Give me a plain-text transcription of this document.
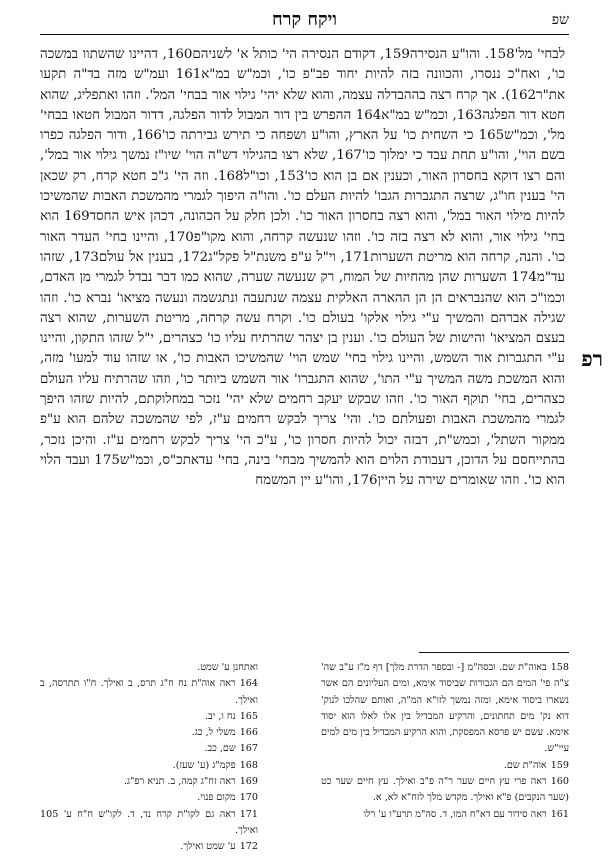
ויקח קרח	שפ

לבחי' מל'158. והו"ע הנסירה159, דקודם הנסירה הי' כותל א' לשניהם160, דהיינו שהשתוו במשכה כו', ואח"כ ננסרו, והכוונה בזה להיות יחוד פב"פ כו', וכמ"ש במ"א161 ועמ"ש מזה בד"ה תקעו את"ר162). אך קרח רצה בההבדלה עצמה, והוא שלא יהי' גילוי אור בבחי' המל'. וזהו ואתפליג, שהוא חטא דור הפלגה163, וכמ"ש במ"א164 ההפרש בין דור המבול לדור הפלגה, דדור המבול חטאו בבחי' מל', וכמ"ש165 כי השחית כו' על הארץ, והו"ע ושפחה כי תירש גבירתה כו'166, ודור הפלגה כפרו בשם הוי', והו"ע תחת עבד כי ימלוך כו'167, שלא רצו בהגילוי דש"ה הוי' שיו"ז נמשך גילוי אור במל', והם רצו דוקא בחסרון האור, וכענין אם בן הוא כו'153, וכו"ל168. וזה הי' ג"כ חטא קרח, רק שכאן הי' בענין חו"ג, שרצה התגברות הגבו' להיות העלם כו'. והו"ה היפוך לגמרי מהמשכת האבות שהמשיכו להיות מילוי האור במל', והוא רצה בחסרון האור כו'. ולכן חלק על הכהונה, דכהן איש החסד169 הוא בחי' גילוי אור, והוא לא רצה בזה כו'. וזהו שנעשה קרחה, והוא מקו"פ170, והיינו בחי' העדר האור כו'. והנה, קרחה הוא מריטת השערות171, וי"ל ע"פ משנת"ל פקל"ג172, בענין אל עולם173, שזהו עד"מ174 השערות שהן מהחיות של המוח, רק שנעשה שערה, שהוא כמו דבר נבדל לגמרי מן האדם, וכמו"כ הוא שהנבראים הן הן ההארה האלקית עצמה שנתעבה ונתגשמה ונעשה מציאו' נברא כו'. וזהו שגילה אברהם והמשיך ע"י גילוי אלקו' בעולם כו'. וקרח עשה קרחה, מריטת השערות, שהוא רצה בעצם המציאו' והישות של העולם כו'. וענין בן יצהר שהרתיח עליו כו' כצהרים, י"ל שזהו התקון, והיינו ע"י התגברות אור השמש, והיינו גילוי בחי' שמש הוי' שהמשיכו האבות כו', או שזהו עוד למעו' מזה, והוא המשכת משה המשיך ע"י התו', שהוא התגברו' אור השמש ביותר כו', וזהו שהרתיח עליו העולם כצהרים, בחי' תוקף האור כו'. וזהו שבקש יעקב רחמים שלא יהי' נזכר במחלוקתם, להיות שזהו היפך לגמרי מהמשכת האבות ופעולתם כו'. והי' צריך לבקש רחמים ע"ז, לפי שהמשכה שלהם הוא ע"פ ממקור השתל', וכמש"ת, דבזה יכול להיות חסרון כו', ע"כ הי' צריך לבקש רחמים ע"ז. והיכן נזכר, בהתייחסם על הדוכן, דעבודת הלוים הוא להמשיך מבחי' בינה, בחי' עדאתכ"ס, וכמ"ש175 ועבד הלוי הוא כו'. וזהו שאומרים שירה על היין176, והו"ע יין המשמח

רפ

158באוה"ת שם. ובסה"מ [- ובספר הדרת מלך] דף מ"ז ע"ב שה' צ"ה פי' המים הם הגבורות שביסוד אימא, ומים העליונים הם אשר נשארו ביסוד אימא, ומזה נמשך לזו"א המ"ה, ואותם שהלכו לנוק' דוא נק' מים תחתונים, והרקיע המבדיל בין אלו לאלו הוא יסוד אימא. עשם יש פרסא המפסקת, והוא הרקיע המבדיל בין מים למים עיי"ש.

159אוה"ת שם.

160ראה פרי עץ חיים שער ר"ה פ"ב ואילך. עץ חיים שער כט (שער הנקבים) פ"א ואילך. מקדש מלך לזח"א לא, א.

161ראה סידור עם דא"ח המו, ד. סה"מ תרע"ו ע' רלו

ואתחנן ע' שמט.

164ראה אוה"ת נח ח"ג תרס, ב ואילך. ח"ו תתרסה, ב ואילך.

165נח ו, יב.

166משלי ל, כג.

167שם, כב.

168פקמ"ג (ע' שעז).

169ראה זח"ג קמה, ב. תניא רפ"ג.

170מקום פנוי.

171ראה גם לקו"ת קרח נד, ד. לקו"ש ח"ח ע' 105 ואילך.

172ע' שמט ואילך.
